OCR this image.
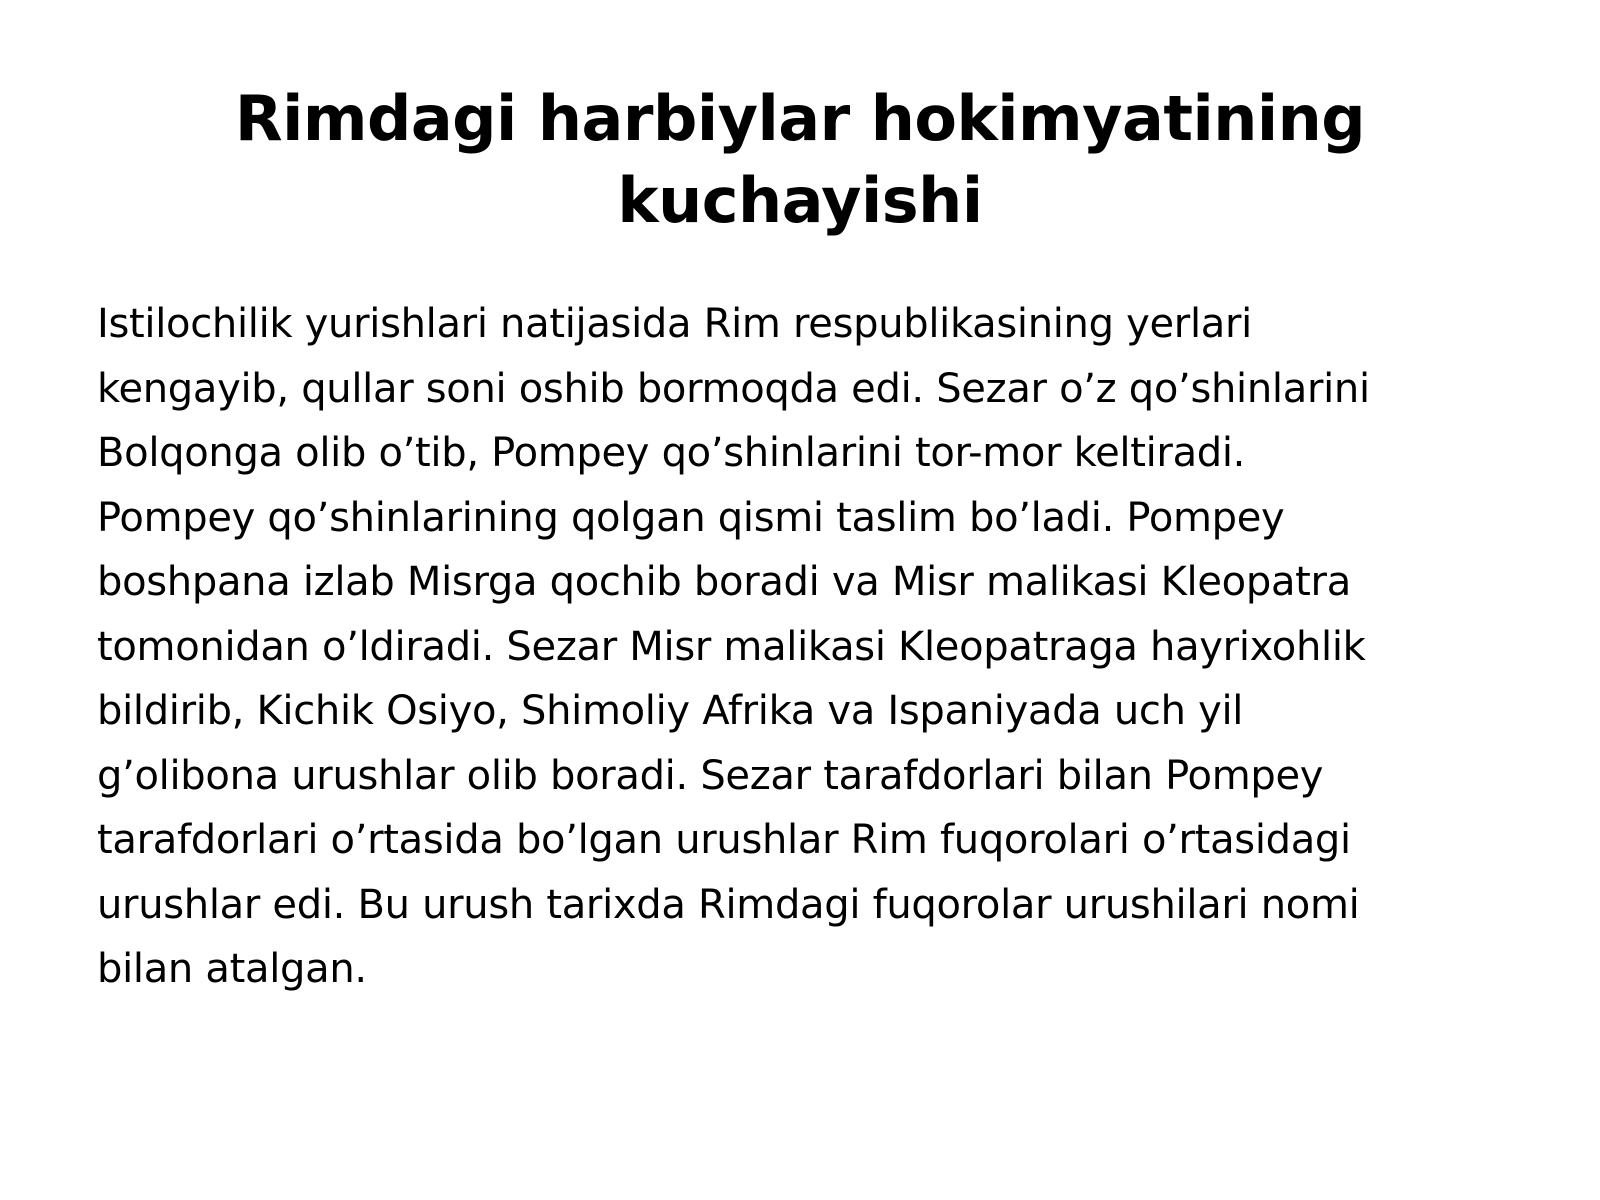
Rimdagi harbiylar hokimyatining
kuchayishi
Istilochilik yurishlari natijasida Rim respublikasining yerlari
kengayib, qullar soni oshib bormoqda edi. Sezar o’z qo’shinlarini
Bolqonga olib o’tib, Pompey qo’shinlarini tor-mor keltiradi.
Pompey qo’shinlarining qolgan qismi taslim bo’ladi. Pompey
boshpana izlab Misrga qochib boradi va Misr malikasi Kleopatra
tomonidan o’ldiradi. Sezar Misr malikasi Kleopatraga hayrixohlik
bildirib, Kichik Osiyo, Shimoliy Afrika va Ispaniyada uch yil
g’olibona urushlar olib boradi. Sezar tarafdorlari bilan Pompey
tarafdorlari o’rtasida bo’lgan urushlar Rim fuqorolari o’rtasidagi
urushlar edi. Bu urush tarixda Rimdagi fuqorolar urushilari nomi
bilan atalgan.
